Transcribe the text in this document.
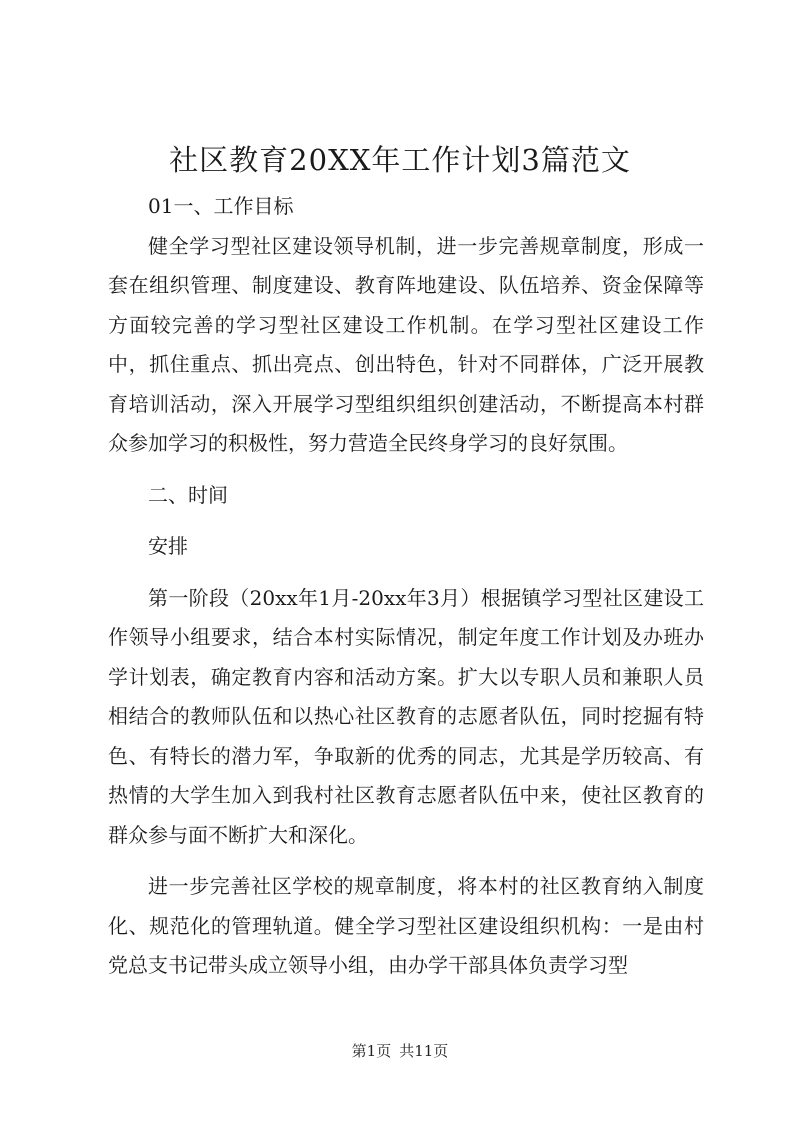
社区教育20XX年工作计划3篇范文

01一、工作目标

健全学习型社区建设领导机制，进一步完善规章制度，形成一套在组织管理、制度建设、教育阵地建设、队伍培养、资金保障等方面较完善的学习型社区建设工作机制。在学习型社区建设工作中，抓住重点、抓出亮点、创出特色，针对不同群体，广泛开展教育培训活动，深入开展学习型组织组织创建活动，不断提高本村群众参加学习的积极性，努力营造全民终身学习的良好氛围。

二、时间

安排

第一阶段（20xx年1月-20xx年3月）根据镇学习型社区建设工作领导小组要求，结合本村实际情况，制定年度工作计划及办班办学计划表，确定教育内容和活动方案。扩大以专职人员和兼职人员相结合的教师队伍和以热心社区教育的志愿者队伍，同时挖掘有特色、有特长的潜力军，争取新的优秀的同志，尤其是学历较高、有热情的大学生加入到我村社区教育志愿者队伍中来，使社区教育的群众参与面不断扩大和深化。

进一步完善社区学校的规章制度，将本村的社区教育纳入制度化、规范化的管理轨道。健全学习型社区建设组织机构：一是由村党总支书记带头成立领导小组，由办学干部具体负责学习型

第1页 共11页
